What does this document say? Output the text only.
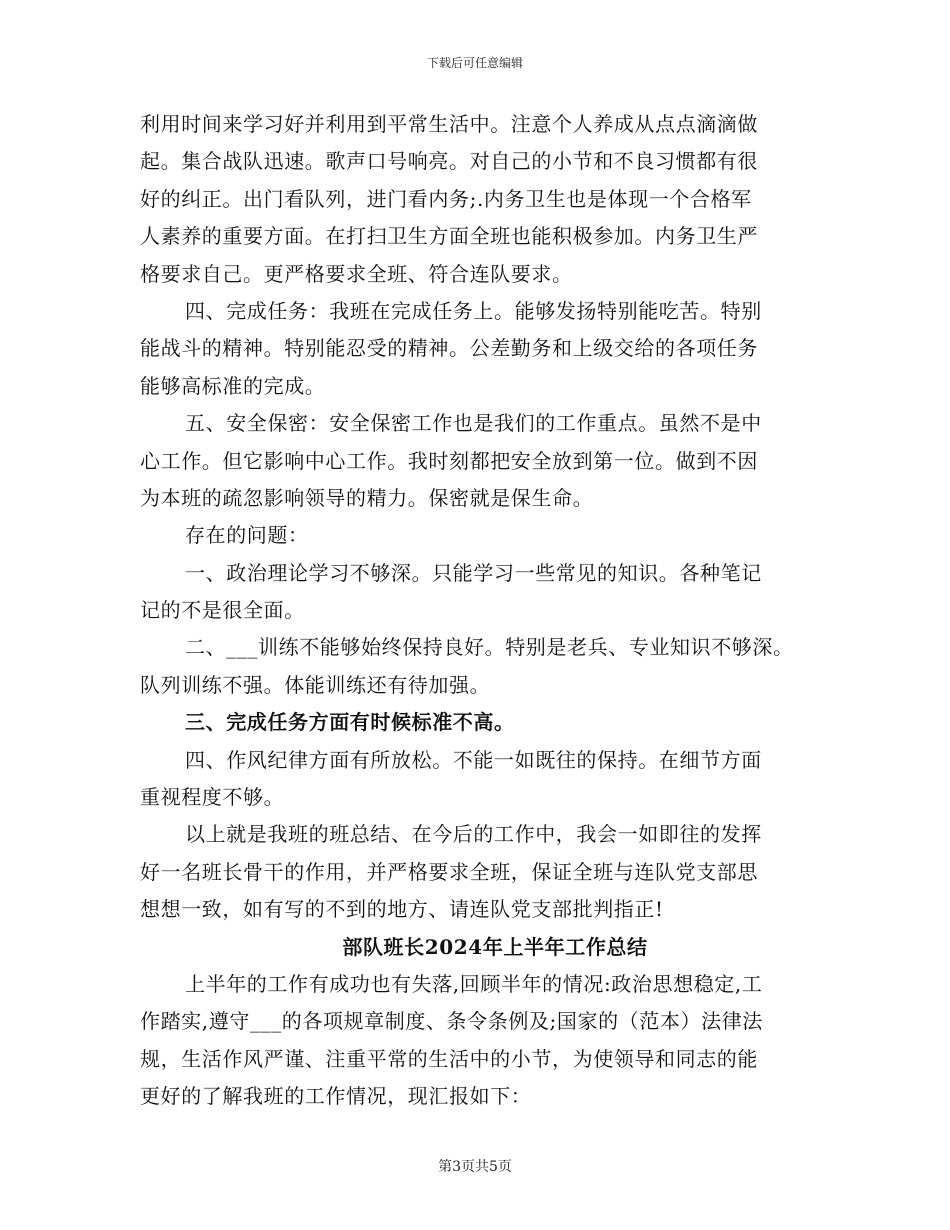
下载后可任意编辑
利用时间来学习好并利用到平常生活中。注意个人养成从点点滴滴做
起。集合战队迅速。歌声口号响亮。对自己的小节和不良习惯都有很
好的纠正。出门看队列，进门看内务;.内务卫生也是体现一个合格军
人素养的重要方面。在打扫卫生方面全班也能积极参加。内务卫生严
格要求自己。更严格要求全班、符合连队要求。
四、完成任务：我班在完成任务上。能够发扬特别能吃苦。特别
能战斗的精神。特别能忍受的精神。公差勤务和上级交给的各项任务
能够高标准的完成。
五、安全保密：安全保密工作也是我们的工作重点。虽然不是中
心工作。但它影响中心工作。我时刻都把安全放到第一位。做到不因
为本班的疏忽影响领导的精力。保密就是保生命。
存在的问题：
一、政治理论学习不够深。只能学习一些常见的知识。各种笔记
记的不是很全面。
二、___训练不能够始终保持良好。特别是老兵、专业知识不够深。
队列训练不强。体能训练还有待加强。
三、完成任务方面有时候标准不高。
四、作风纪律方面有所放松。不能一如既往的保持。在细节方面
重视程度不够。
以上就是我班的班总结、在今后的工作中，我会一如即往的发挥
好一名班长骨干的作用，并严格要求全班，保证全班与连队党支部思
想想一致，如有写的不到的地方、请连队党支部批判指正!
部队班长2024年上半年工作总结
上半年的工作有成功也有失落,回顾半年的情况:政治思想稳定,工
作踏实,遵守___的各项规章制度、条令条例及;国家的（范本）法律法
规，生活作风严谨、注重平常的生活中的小节，为使领导和同志的能
更好的了解我班的工作情况，现汇报如下：
第3页共5页
